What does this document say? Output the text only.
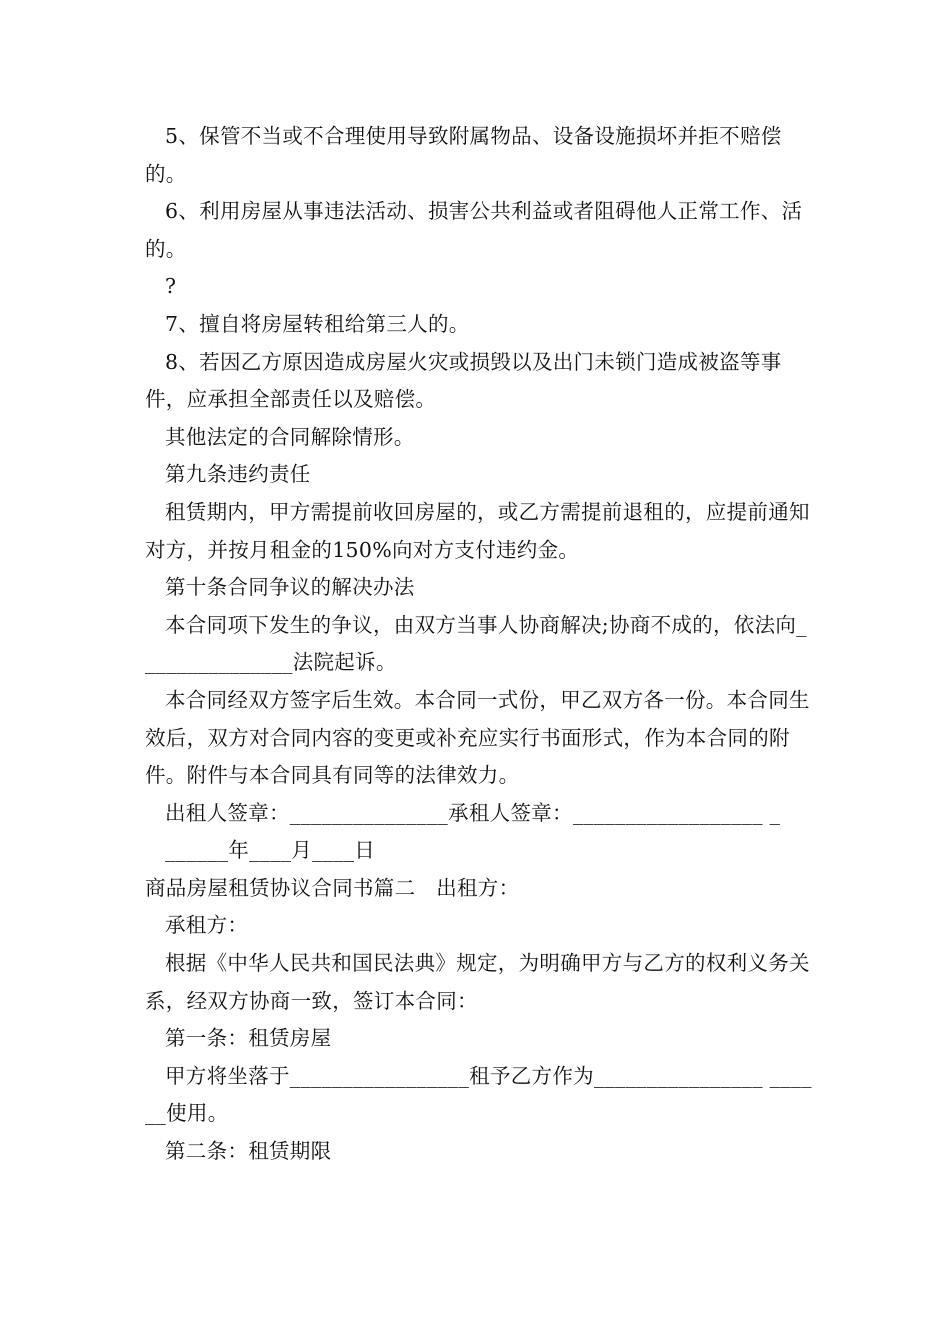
5、保管不当或不合理使用导致附属物品、设备设施损坏并拒不赔偿的。

6、利用房屋从事违法活动、损害公共利益或者阻碍他人正常工作、活的。

?

7、擅自将房屋转租给第三人的。

8、若因乙方原因造成房屋火灾或损毁以及出门未锁门造成被盗等事件，应承担全部责任以及赔偿。

其他法定的合同解除情形。

第九条违约责任

租赁期内，甲方需提前收回房屋的，或乙方需提前退租的，应提前通知对方，并按月租金的150%向对方支付违约金。

第十条合同争议的解决办法

本合同项下发生的争议，由双方当事人协商解决;协商不成的，依法向_______________法院起诉。

本合同经双方签字后生效。本合同一式份，甲乙双方各一份。本合同生效后，双方对合同内容的变更或补充应实行书面形式，作为本合同的附件。附件与本合同具有同等的法律效力。

出租人签章：_______________承租人签章：__________________ _

______年____月____日

商品房屋租赁协议合同书篇二　出租方：

承租方：

根据《中华人民共和国民法典》规定，为明确甲方与乙方的权利义务关系，经双方协商一致，签订本合同：

第一条：租赁房屋

甲方将坐落于_________________租予乙方作为________________ ______使用。

第二条：租赁期限
